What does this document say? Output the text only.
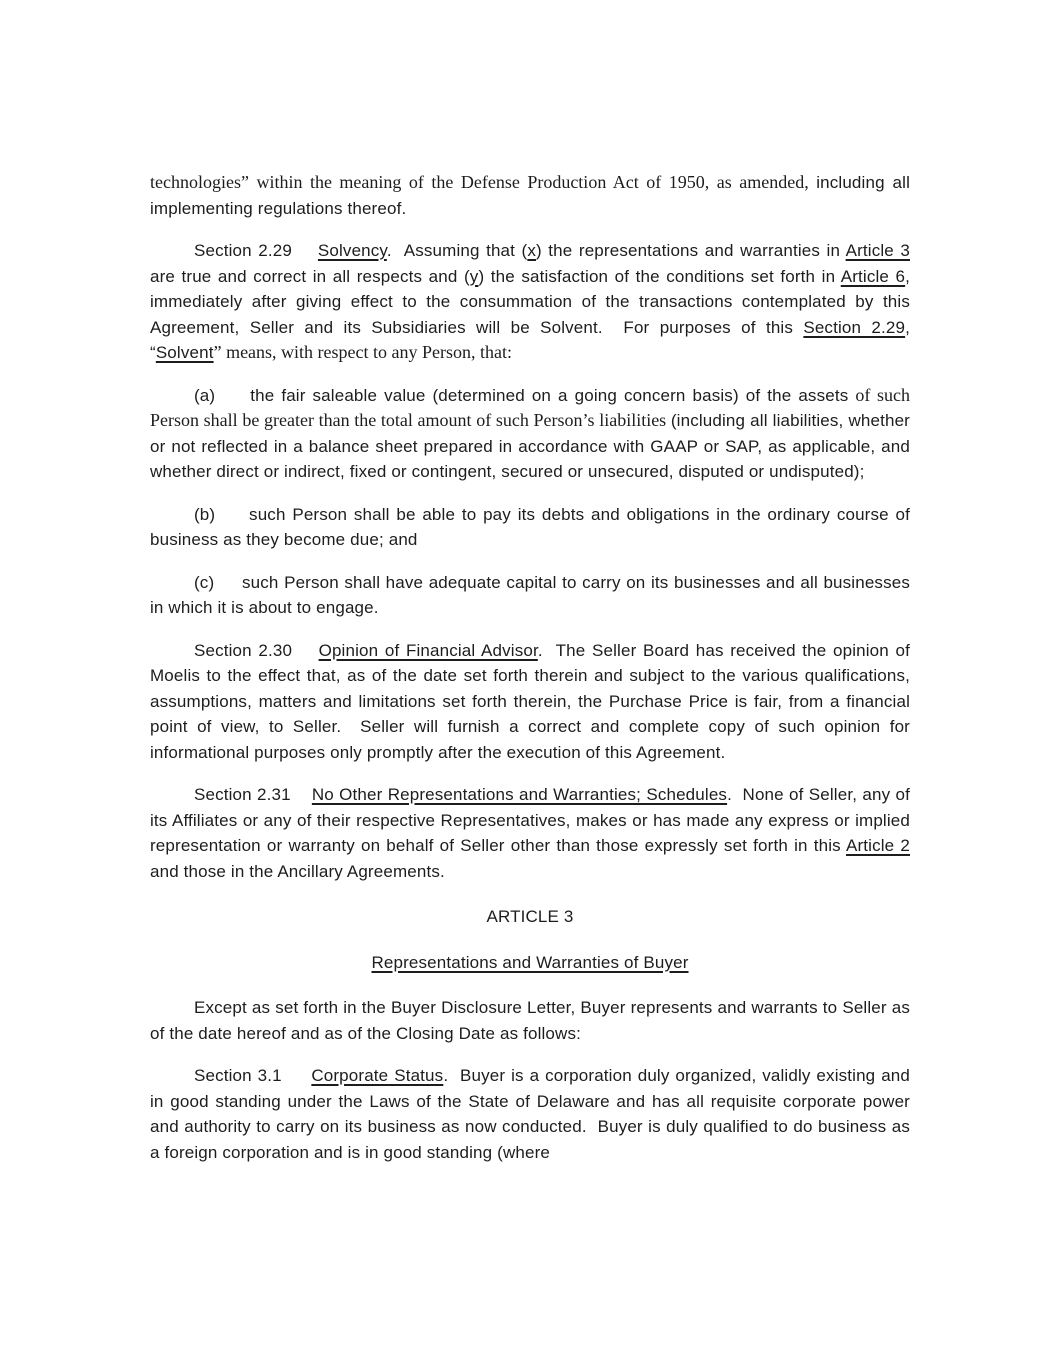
technologies” within the meaning of the Defense Production Act of 1950, as amended, including all implementing regulations thereof.

Section 2.29    Solvency.  Assuming that (x) the representations and warranties in Article 3 are true and correct in all respects and (y) the satisfaction of the conditions set forth in Article 6, immediately after giving effect to the consummation of the transactions contemplated by this Agreement, Seller and its Subsidiaries will be Solvent.  For purposes of this Section 2.29, “Solvent” means, with respect to any Person, that:

(a)     the fair saleable value (determined on a going concern basis) of the assets of such Person shall be greater than the total amount of such Person’s liabilities (including all liabilities, whether or not reflected in a balance sheet prepared in accordance with GAAP or SAP, as applicable, and whether direct or indirect, fixed or contingent, secured or unsecured, disputed or undisputed);

(b)     such Person shall be able to pay its debts and obligations in the ordinary course of business as they become due; and

(c)     such Person shall have adequate capital to carry on its businesses and all businesses in which it is about to engage.

Section 2.30    Opinion of Financial Advisor.  The Seller Board has received the opinion of Moelis to the effect that, as of the date set forth therein and subject to the various qualifications, assumptions, matters and limitations set forth therein, the Purchase Price is fair, from a financial point of view, to Seller.  Seller will furnish a correct and complete copy of such opinion for informational purposes only promptly after the execution of this Agreement.

Section 2.31    No Other Representations and Warranties; Schedules.  None of Seller, any of its Affiliates or any of their respective Representatives, makes or has made any express or implied representation or warranty on behalf of Seller other than those expressly set forth in this Article 2 and those in the Ancillary Agreements.

ARTICLE 3

Representations and Warranties of Buyer

Except as set forth in the Buyer Disclosure Letter, Buyer represents and warrants to Seller as of the date hereof and as of the Closing Date as follows:

Section 3.1     Corporate Status.  Buyer is a corporation duly organized, validly existing and in good standing under the Laws of the State of Delaware and has all requisite corporate power and authority to carry on its business as now conducted.  Buyer is duly qualified to do business as a foreign corporation and is in good standing (where
